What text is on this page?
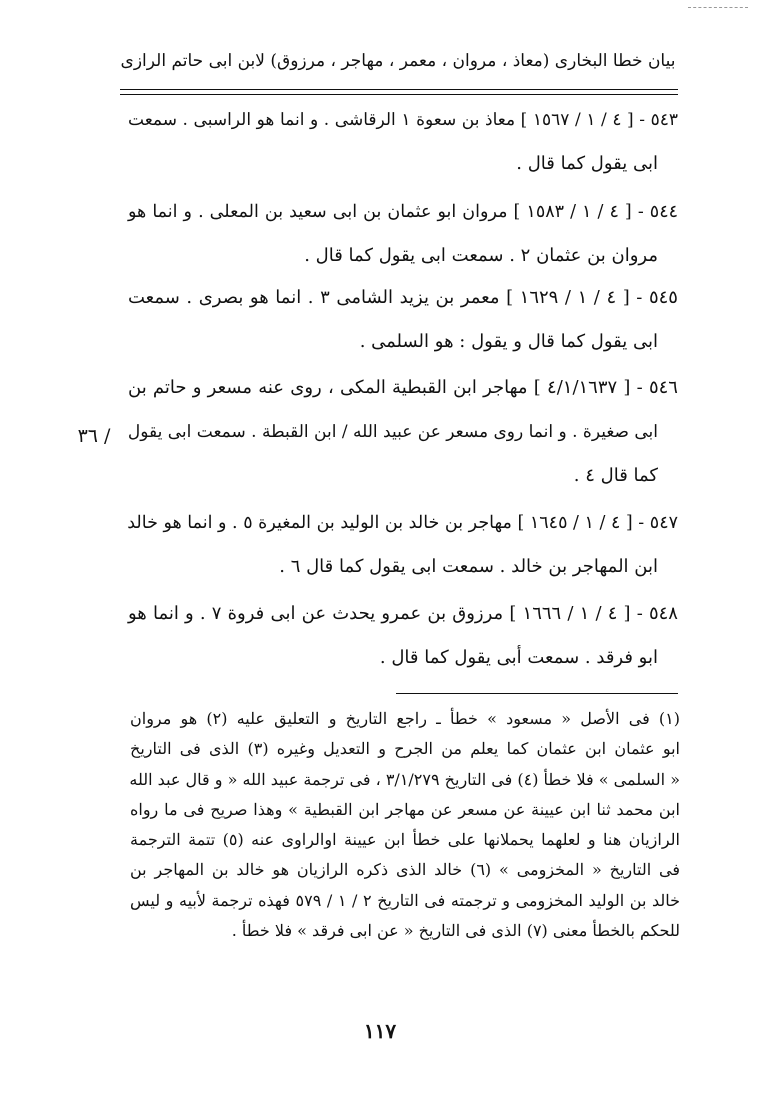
بيان خطا البخارى (معاذ ، مروان ، معمر ، مهاجر ، مرزوق) لابن ابى حاتم الرازى
٥٤٣ - [ ٤ / ١ / ١٥٦٧ ] معاذ بن سعوة ١ الرقاشى . و انما هو الراسبى . سمعت
ابى يقول كما قال .
٥٤٤ - [ ٤ / ١ / ١٥٨٣ ] مروان ابو عثمان بن ابى سعيد بن المعلى . و انما هو
مروان بن عثمان ٢ . سمعت ابى يقول كما قال .
٥٤٥ - [ ٤ / ١ / ١٦٢٩ ] معمر بن يزيد الشامى ٣ . انما هو بصرى . سمعت
ابى يقول كما قال و يقول : هو السلمى .
٥٤٦ - [ ٤/١/١٦٣٧ ] مهاجر ابن القبطية المكى ، روى عنه مسعر و حاتم بن
ابى صغيرة . و انما روى مسعر عن عبيد الله / ابن القبطة . سمعت ابى يقول
كما قال ٤ .
٥٤٧ - [ ٤ / ١ / ١٦٤٥ ] مهاجر بن خالد بن الوليد بن المغيرة ٥ . و انما هو خالد
ابن المهاجر بن خالد . سمعت ابى يقول كما قال ٦ .
٥٤٨ - [ ٤ / ١ / ١٦٦٦ ] مرزوق بن عمرو يحدث عن ابى فروة ٧ . و انما هو
ابو فرقد . سمعت أبى يقول كما قال .
/ ٣٦
(١) فى الأصل « مسعود » خطأ ـ راجع التاريخ و التعليق عليه (٢) هو مروان
ابو عثمان ابن عثمان كما يعلم من الجرح و التعديل وغيره (٣) الذى فى التاريخ
« السلمى » فلا خطأ (٤) فى التاريخ ٣/١/٢٧٩ ، فى ترجمة عبيد الله « و قال عبد الله
ابن محمد ثنا ابن عيينة عن مسعر عن مهاجر ابن القبطية » وهذا صريح فى ما رواه
الرازيان هنا و لعلهما يحملانها على خطأ ابن عيينة اوالراوى عنه (٥) تتمة الترجمة
فى التاريخ « المخزومى » (٦) خالد الذى ذكره الرازيان هو خالد بن المهاجر بن
خالد بن الوليد المخزومى و ترجمته فى التاريخ ٢ / ١ / ٥٧٩ فهذه ترجمة لأبيه و ليس
للحكم بالخطأ معنى (٧) الذى فى التاريخ « عن ابى فرقد » فلا خطأ .
١١٧
